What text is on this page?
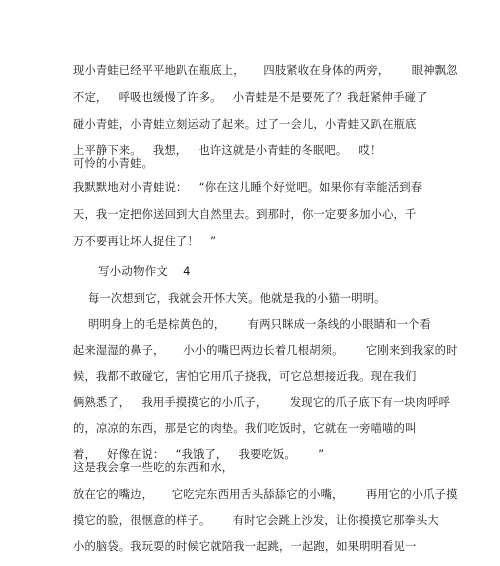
现小青蛙已经平平地趴在瓶底上，     四肢紧收在身体的两旁，      眼神飘忽
不定，   呼吸也缓慢了许多。   小青蛙是不是要死了？我赶紧伸手碰了
碰小青蛙，小青蛙立刻运动了起来。过了一会儿，小青蛙又趴在瓶底
上平静下来。   我想，   也许这就是小青蛙的冬眠吧。   哎！
可怜的小青蛙。
我默默地对小青蛙说：   “你在这儿睡个好觉吧。如果你有幸能活到春
天，我一定把你送回到大自然里去。到那时，你一定要多加小心，千
万不要再让坏人捉住了！   ”
写小动物作文    4
每一次想到它，我就会开怀大笑。他就是我的小猫一明明。
明明身上的毛是棕黄色的，      有两只眯成一条线的小眼睛和一个看
起来湿湿的鼻子，     小小的嘴巴两边长着几根胡须。      它刚来到我家的时
候，我都不敢碰它，害怕它用爪子挠我，可它总想接近我。现在我们
俩熟悉了，   我用手摸摸它的小爪子，      发现它的爪子底下有一块肉呼呼
的，凉凉的东西，那是它的肉垫。我们吃饭时，它就在一旁喵喵的叫
着，   好像在说：   “我饿了，   我要吃饭。      ”
这是我会拿一些吃的东西和水，
放在它的嘴边，     它吃完东西用舌头舔舔它的小嘴，      再用它的小爪子摸
摸它的脸，很惬意的样子。      有时它会跳上沙发，让你摸摸它那拳头大
小的脑袋。我玩耍的时候它就陪我一起跳，一起跑，如果明明看见一
